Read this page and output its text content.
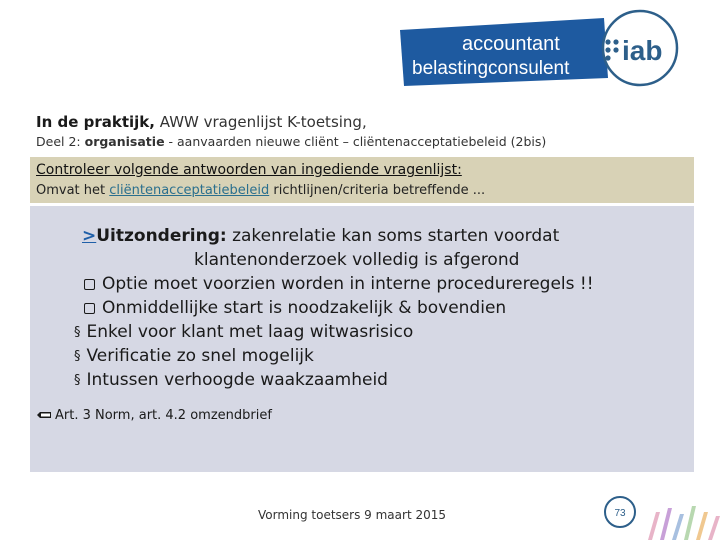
accountant
belastingconsulent
iab
In de praktijk, AWW vragenlijst K-toetsing,
Deel 2: organisatie - aanvaarden nieuwe cliënt – cliëntenacceptatiebeleid (2bis)
Controleer volgende antwoorden van ingediende vragenlijst:
Omvat het cliëntenacceptatiebeleid richtlijnen/criteria betreffende ...
>Uitzondering: zakenrelatie kan soms starten voordat
klantenonderzoek volledig is afgerond
Optie moet voorzien worden in interne procedureregels !!
Onmiddellijke start is noodzakelijk & bovendien
§ Enkel voor klant met laag witwasrisico
§ Verificatie zo snel mogelijk
§ Intussen verhoogde waakzaamheid
Art. 3 Norm, art. 4.2 omzendbrief
Vorming toetsers 9 maart 2015	73
